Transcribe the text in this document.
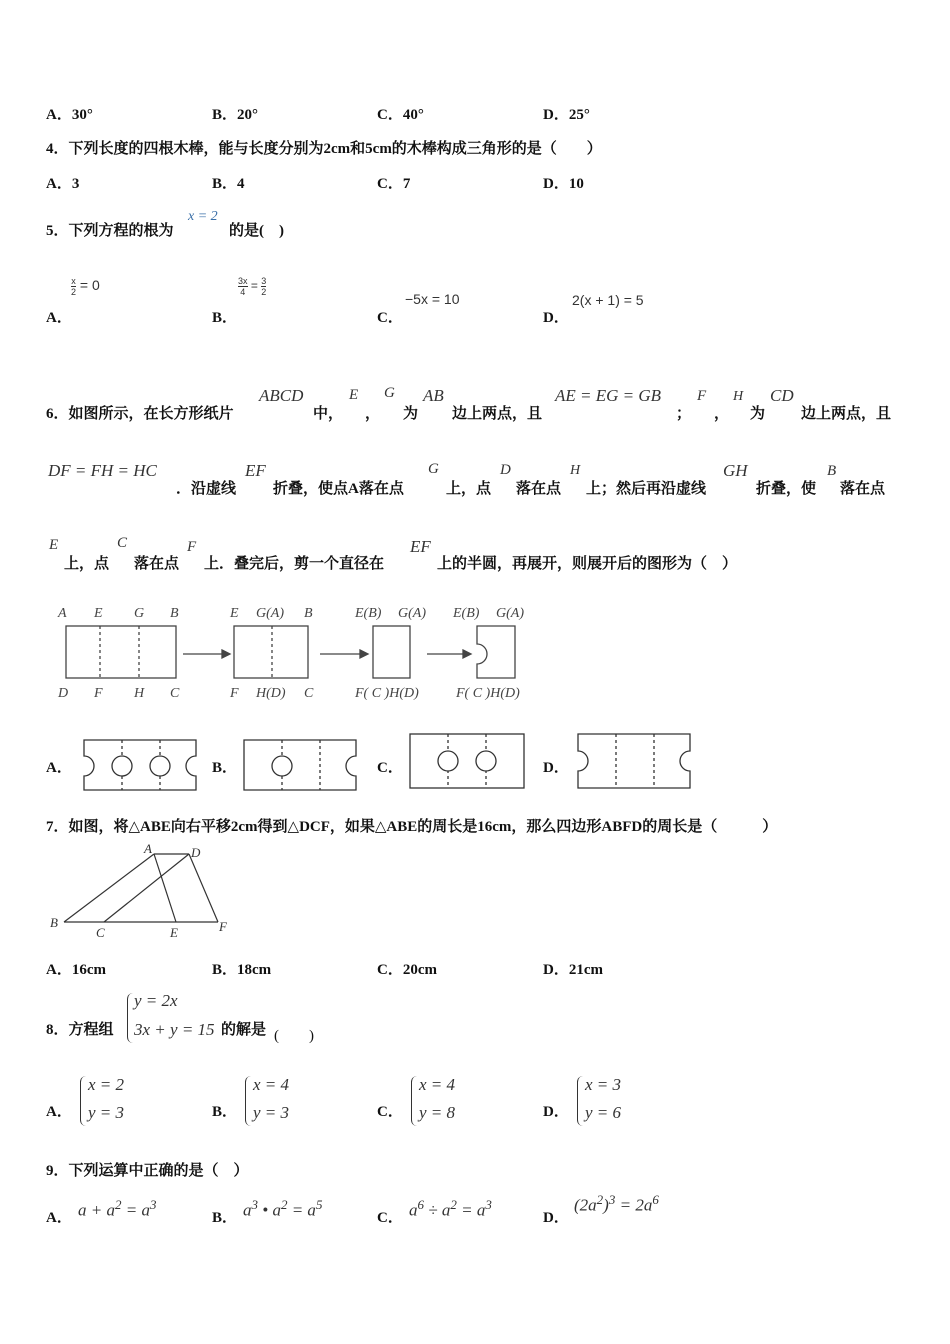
A．30°	B．20°	C．40°	D．25°
4．下列长度的四根木棒，能与长度分别为2cm和5cm的木棒构成三角形的是（　　）
A．3	B．4	C．7	D．10
5．下列方程的根为
x = 2
的是(　)
A．
$\frac{x}{2} = 0$
B．
$\frac{3x}{4} = \frac{3}{2}$
C．
−5x = 10
D．
2(x + 1) = 5
6．如图所示，在长方形纸片
ABCD
中，
E
，
G
为
AB
边上两点，且
AE = EG = GB
；
F
，
H
为
CD
边上两点，且
DF = FH = HC
．沿虚线
EF
折叠，使点A落在点
G
上，点
D
落在点
H
上；然后再沿虚线
GH
折叠，使
B
落在点
E
上，点
C
落在点
F
上．叠完后，剪一个直径在
EF
上的半圆，再展开，则展开后的图形为（　）
A E G B
D F H C
E G(A) B
F H(D) C
E(B) G(A)
F( C )H(D)
E(B) G(A)
F( C )H(D)
A．	B．	C．	D．
7．如图，将△ABE向右平移2cm得到△DCF，如果△ABE的周长是16cm，那么四边形ABFD的周长是（　　　）
A	D
B
C	E	F
A．16cm	B．18cm	C．20cm	D．21cm
8．方程组
y = 2x
3x + y = 15 的解是 (　　)
A．
x = 2
y = 3	B．
x = 4
y = 3	C．
x = 4
y = 8	D．
x = 3
y = 6
9．下列运算中正确的是（　）
A． $a + a^2 = a^3$
B． $a^3$ • $a^2 = a^5$
C． $a^6 \div a^2 = a^3$
D．
$(2a^2)^3 = 2a^6$
